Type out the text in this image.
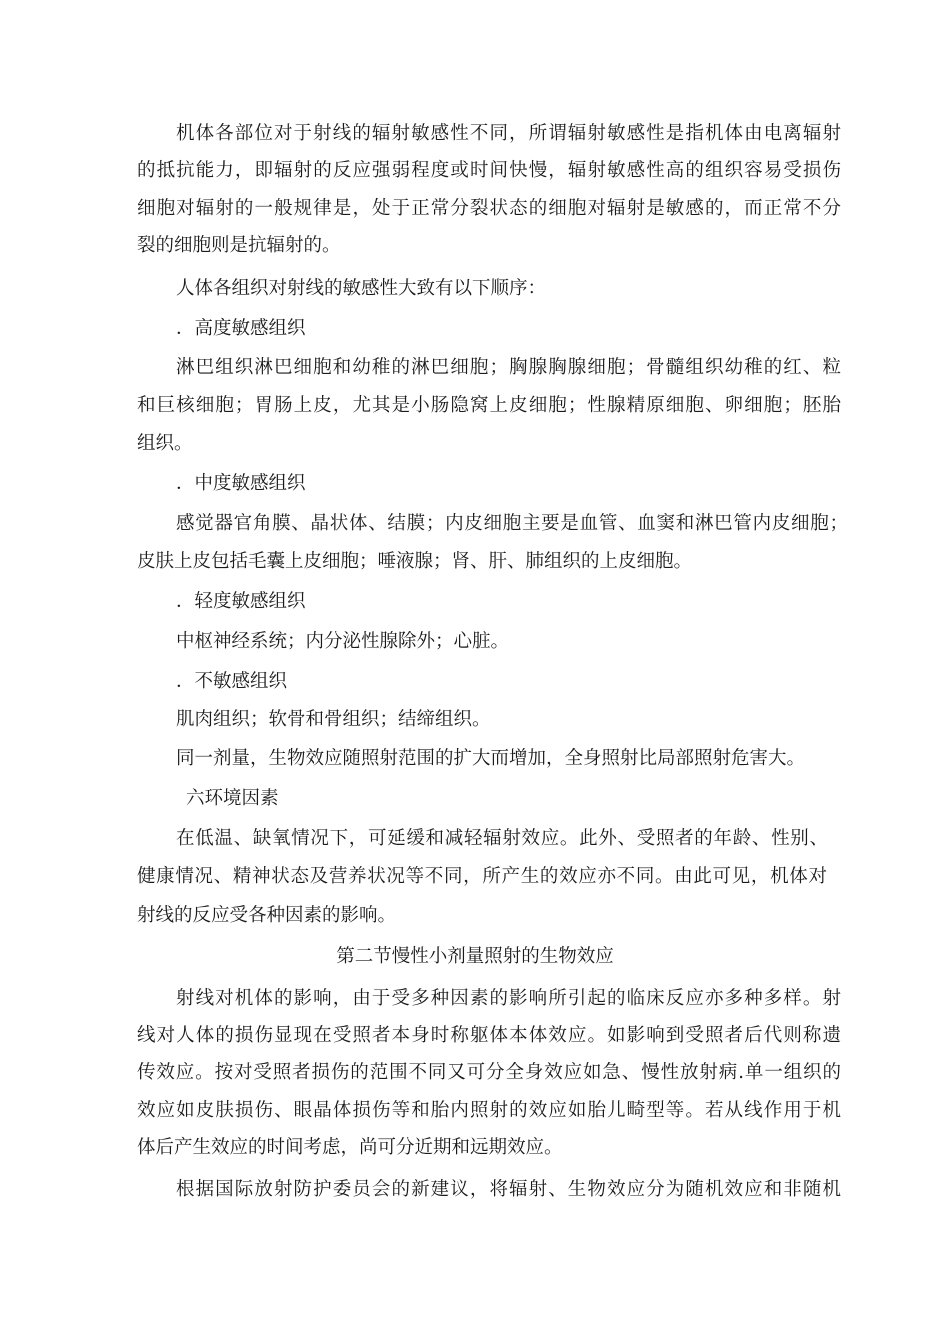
机体各部位对于射线的辐射敏感性不同，所谓辐射敏感性是指机体由电离辐射

的抵抗能力，即辐射的反应强弱程度或时间快慢，辐射敏感性高的组织容易受损伤

细胞对辐射的一般规律是，处于正常分裂状态的细胞对辐射是敏感的，而正常不分

裂的细胞则是抗辐射的。

人体各组织对射线的敏感性大致有以下顺序：

．高度敏感组织

淋巴组织淋巴细胞和幼稚的淋巴细胞；胸腺胸腺细胞；骨髓组织幼稚的红、粒

和巨核细胞；胃肠上皮，尤其是小肠隐窝上皮细胞；性腺精原细胞、卵细胞；胚胎

组织。

．中度敏感组织

感觉器官角膜、晶状体、结膜；内皮细胞主要是血管、血窦和淋巴管内皮细胞；

皮肤上皮包括毛囊上皮细胞；唾液腺；肾、肝、肺组织的上皮细胞。

．轻度敏感组织

中枢神经系统；内分泌性腺除外；心脏。

．不敏感组织

肌肉组织；软骨和骨组织；结缔组织。

同一剂量，生物效应随照射范围的扩大而增加，全身照射比局部照射危害大。

六环境因素

在低温、缺氧情况下，可延缓和减轻辐射效应。此外、受照者的年龄、性别、

健康情况、精神状态及营养状况等不同，所产生的效应亦不同。由此可见，机体对

射线的反应受各种因素的影响。

第二节慢性小剂量照射的生物效应

射线对机体的影响，由于受多种因素的影响所引起的临床反应亦多种多样。射

线对人体的损伤显现在受照者本身时称躯体本体效应。如影响到受照者后代则称遗

传效应。按对受照者损伤的范围不同又可分全身效应如急、慢性放射病.单一组织的

效应如皮肤损伤、眼晶体损伤等和胎内照射的效应如胎儿畸型等。若从线作用于机

体后产生效应的时间考虑，尚可分近期和远期效应。

根据国际放射防护委员会的新建议，将辐射、生物效应分为随机效应和非随机
